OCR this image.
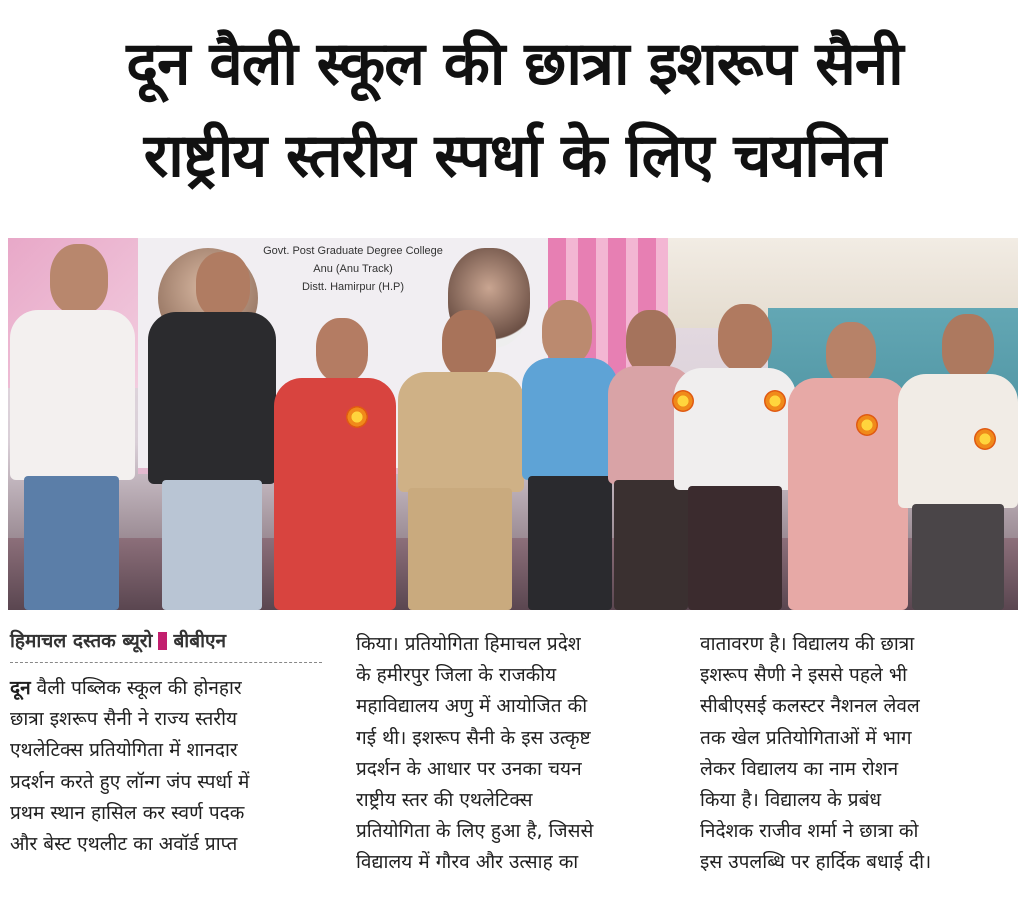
दून वैली स्कूल की छात्रा इशरूप सैनी
राष्ट्रीय स्तरीय स्पर्धा के लिए चयनित
Govt. Post Graduate Degree College
Anu (Anu Track)
Distt. Hamirpur (H.P)
हिमाचल दस्तक ब्यूरो बीबीएन

दून वैली पब्लिक स्कूल की होनहार
छात्रा इशरूप सैनी ने राज्य स्तरीय
एथलेटिक्स प्रतियोगिता में शानदार
प्रदर्शन करते हुए लॉन्ग जंप स्पर्धा में
प्रथम स्थान हासिल कर स्वर्ण पदक
और बेस्ट एथलीट का अवॉर्ड प्राप्त

किया। प्रतियोगिता हिमाचल प्रदेश
के हमीरपुर जिला के राजकीय
महाविद्यालय अणु में आयोजित की
गई थी। इशरूप सैनी के इस उत्कृष्ट
प्रदर्शन के आधार पर उनका चयन
राष्ट्रीय स्तर की एथलेटिक्स
प्रतियोगिता के लिए हुआ है, जिससे
विद्यालय में गौरव और उत्साह का

वातावरण है। विद्यालय की छात्रा
इशरूप सैणी ने इससे पहले भी
सीबीएसई कलस्टर नैशनल लेवल
तक खेल प्रतियोगिताओं में भाग
लेकर विद्यालय का नाम रोशन
किया है। विद्यालय के प्रबंध
निदेशक राजीव शर्मा ने छात्रा को
इस उपलब्धि पर हार्दिक बधाई दी।
